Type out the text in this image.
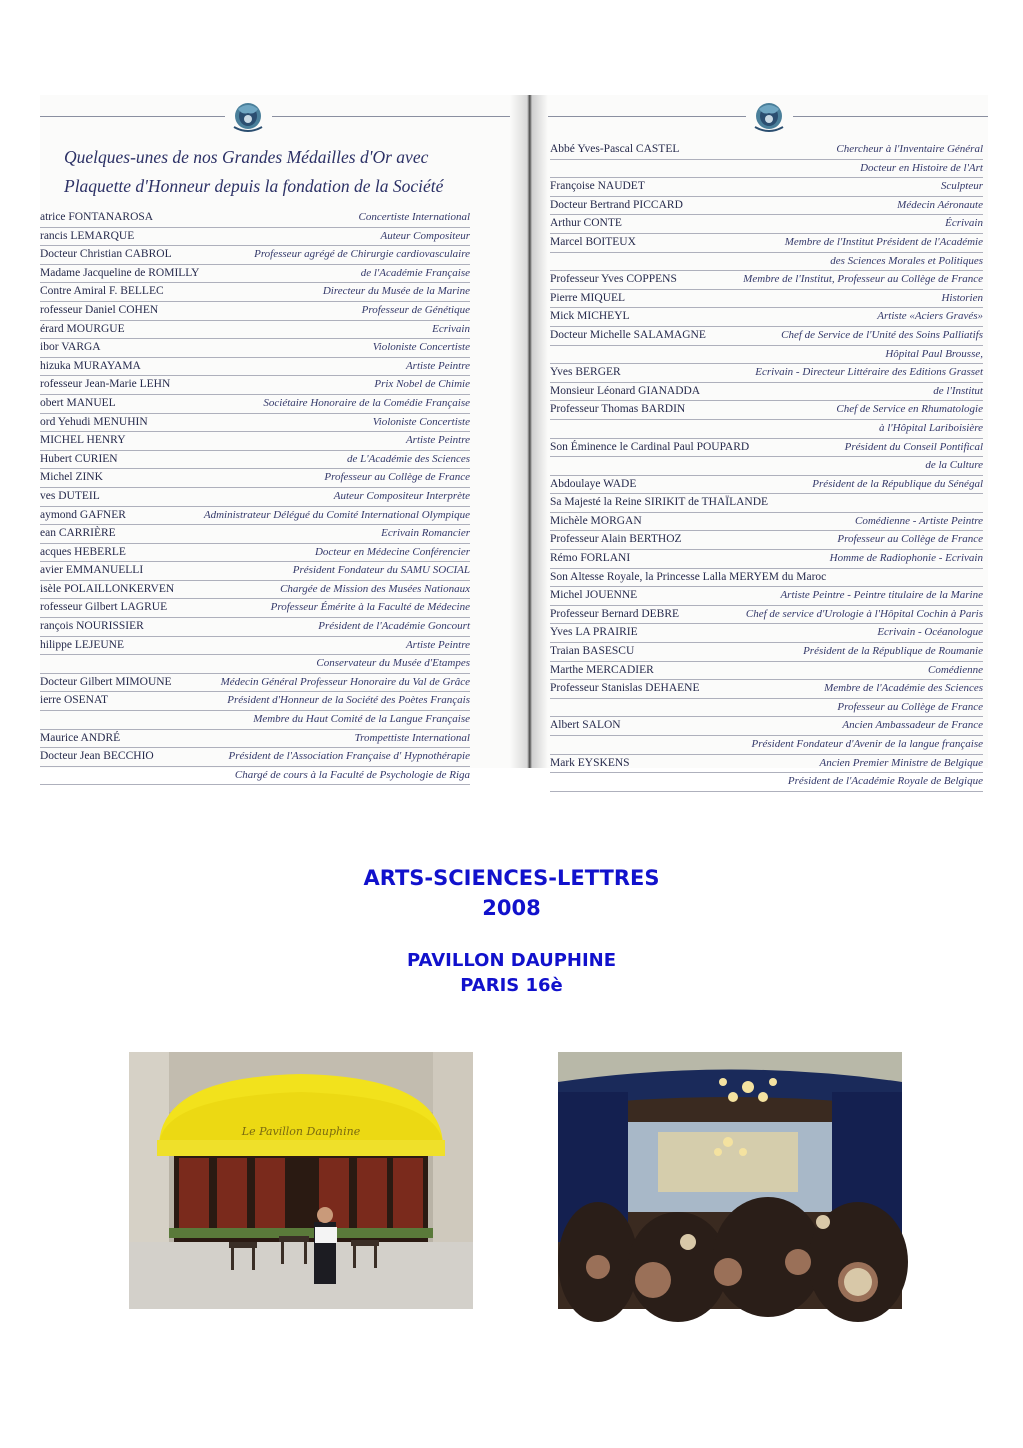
Quelques-unes de nos Grandes Médailles d'Or avec
Plaquette d'Honneur depuis la fondation de la Société
atrice FONTANAROSA	Concertiste International
rancis LEMARQUE	Auteur Compositeur
Docteur Christian CABROL	Professeur agrégé de Chirurgie cardiovasculaire
Madame Jacqueline de ROMILLY	de l'Académie Française
Contre Amiral F. BELLEC	Directeur du Musée de la Marine
rofesseur Daniel COHEN	Professeur de Génétique
érard MOURGUE	Ecrivain
ibor VARGA	Violoniste Concertiste
hizuka MURAYAMA	Artiste Peintre
rofesseur Jean-Marie LEHN	Prix Nobel de Chimie
obert MANUEL	Sociétaire Honoraire de la Comédie Française
ord Yehudi MENUHIN	Violoniste Concertiste
MICHEL HENRY	Artiste Peintre
Hubert CURIEN	de L'Académie des Sciences
Michel ZINK	Professeur au Collège de France
ves DUTEIL	Auteur Compositeur Interprète
aymond GAFNER	Administrateur Délégué du Comité International Olympique
ean CARRIÈRE	Ecrivain Romancier
acques HEBERLE	Docteur en Médecine Conférencier
avier EMMANUELLI	Président Fondateur du SAMU SOCIAL
isèle POLAILLONKERVEN	Chargée de Mission des Musées Nationaux
rofesseur Gilbert LAGRUE	Professeur Émérite à la Faculté de Médecine
rançois NOURISSIER	Président de l'Académie Goncourt
hilippe LEJEUNE	Artiste Peintre
Conservateur du Musée d'Etampes
Docteur Gilbert MIMOUNE	Médecin Général Professeur Honoraire du Val de Grâce
ierre OSENAT	Président d'Honneur de la Société des Poètes Français
Membre du Haut Comité de la Langue Française
Maurice ANDRÉ	Trompettiste International
Docteur Jean BECCHIO	Président de l'Association Française d' Hypnothérapie
Chargé de cours à la Faculté de Psychologie de Riga
Abbé Yves-Pascal CASTEL	Chercheur à l'Inventaire Général
Docteur en Histoire de l'Art
Françoise NAUDET	Sculpteur
Docteur Bertrand PICCARD	Médecin Aéronaute
Arthur CONTE	Écrivain
Marcel BOITEUX	Membre de l'Institut Président de l'Académie
des Sciences Morales et Politiques
Professeur Yves COPPENS	Membre de l'Institut, Professeur au Collège de France
Pierre MIQUEL	Historien
Mick MICHEYL	Artiste «Aciers Gravés»
Docteur Michelle SALAMAGNE	Chef de Service de l'Unité des Soins Palliatifs
Hôpital Paul Brousse,
Yves BERGER	Ecrivain - Directeur Littéraire des Editions Grasset
Monsieur Léonard GIANADDA	de l'Institut
Professeur Thomas BARDIN	Chef de Service en Rhumatologie
à l'Hôpital Lariboisière
Son Éminence le Cardinal Paul POUPARD	Président du Conseil Pontifical
de la Culture
Abdoulaye WADE	Président de la République du Sénégal
Sa Majesté la Reine SIRIKIT de THAÏLANDE
Michèle MORGAN	Comédienne - Artiste Peintre
Professeur Alain BERTHOZ	Professeur au Collège de France
Rémo FORLANI	Homme de Radiophonie - Ecrivain
Son Altesse Royale, la Princesse Lalla MERYEM du Maroc
Michel JOUENNE	Artiste Peintre - Peintre titulaire de la Marine
Professeur Bernard DEBRE	Chef de service d'Urologie à l'Hôpital Cochin à Paris
Yves LA PRAIRIE	Ecrivain - Océanologue
Traian BASESCU	Président de la République de Roumanie
Marthe MERCADIER	Comédienne
Professeur Stanislas DEHAENE	Membre de l'Académie des Sciences
Professeur au Collège de France
Albert SALON	Ancien Ambassadeur de France
Président Fondateur d'Avenir de la langue française
Mark EYSKENS	Ancien Premier Ministre de Belgique
Président de l'Académie Royale de Belgique
ARTS-SCIENCES-LETTRES
2008
PAVILLON DAUPHINE
PARIS 16è
Le Pavillon Dauphine
